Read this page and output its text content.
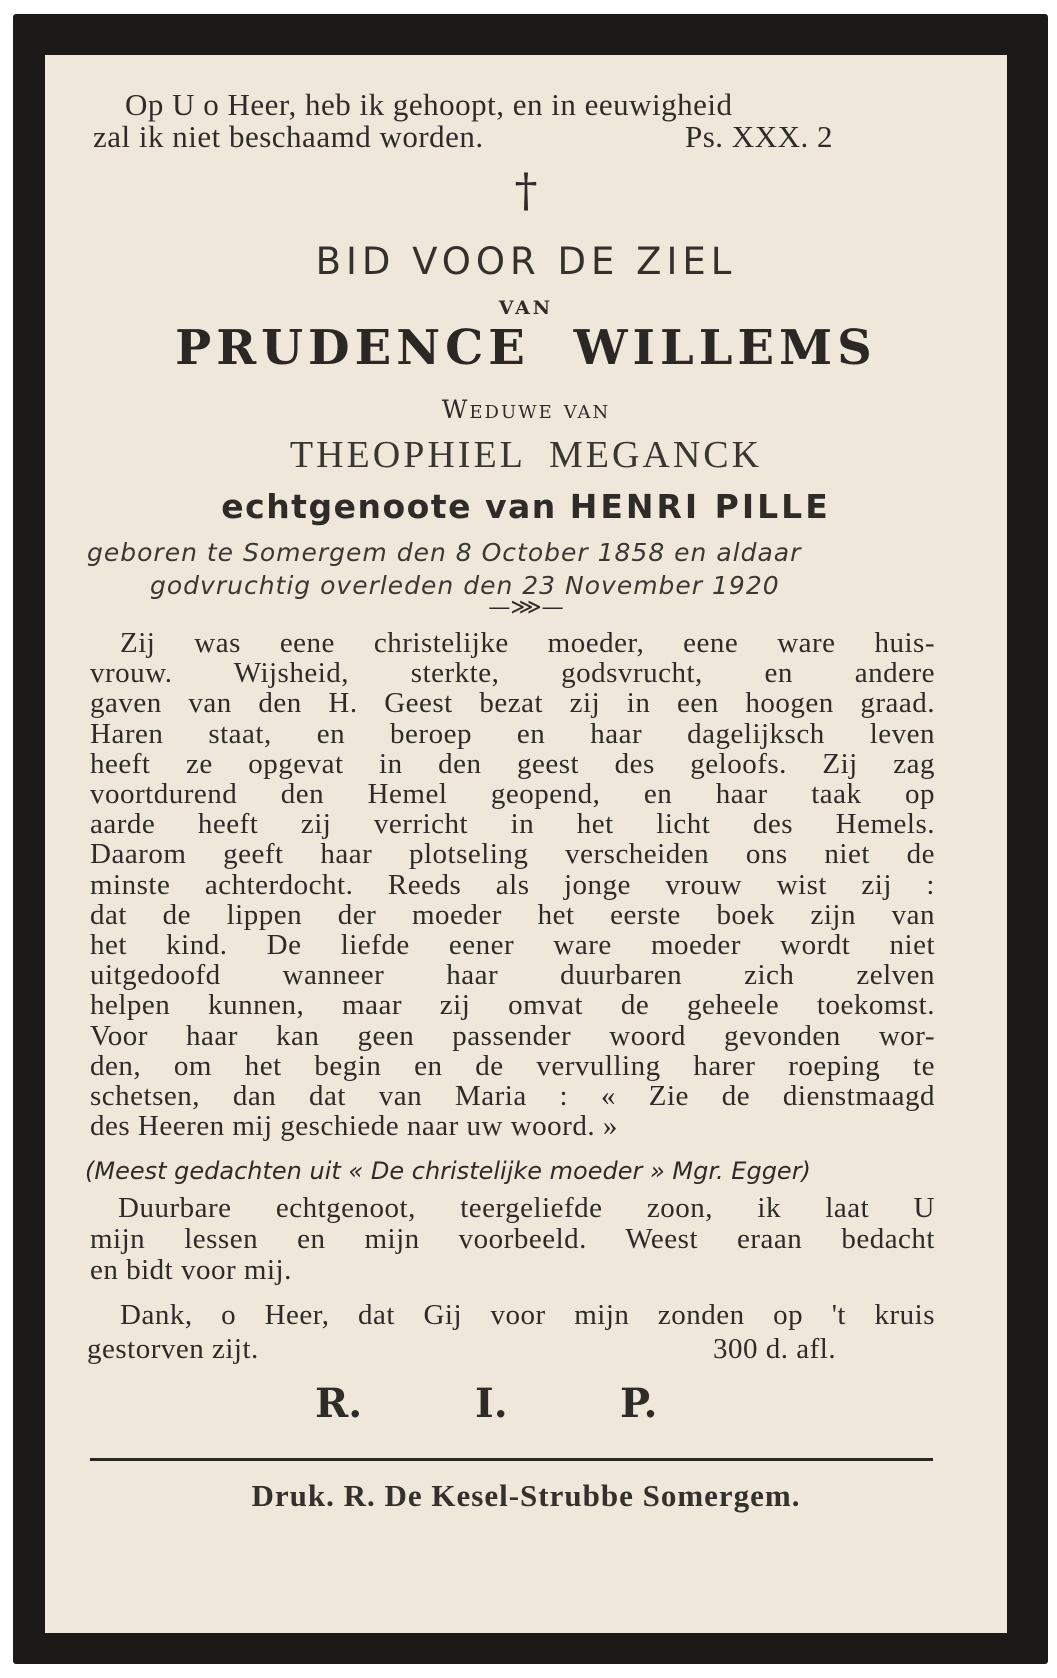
Op U o Heer, heb ik gehoopt, en in eeuwigheid
zal ik niet beschaamd worden.	Ps. XXX. 2
†
BID VOOR DE ZIEL
VAN
PRUDENCE WILLEMS
Weduwe van
THEOPHIEL MEGANCK
echtgenoote van HENRI PILLE
geboren te Somergem den 8 October 1858 en aldaar
godvruchtig overleden den 23 November 1920
—⋙—
Zij was eene christelijke moeder, eene ware huis-
vrouw. Wijsheid, sterkte, godsvrucht, en andere
gaven van den H. Geest bezat zij in een hoogen graad.
Haren staat, en beroep en haar dagelijksch leven
heeft ze opgevat in den geest des geloofs. Zij zag
voortdurend den Hemel geopend, en haar taak op
aarde heeft zij verricht in het licht des Hemels.
Daarom geeft haar plotseling verscheiden ons niet de
minste achterdocht. Reeds als jonge vrouw wist zij :
dat de lippen der moeder het eerste boek zijn van
het kind. De liefde eener ware moeder wordt niet
uitgedoofd wanneer haar duurbaren zich zelven
helpen kunnen, maar zij omvat de geheele toekomst.
Voor haar kan geen passender woord gevonden wor-
den, om het begin en de vervulling harer roeping te
schetsen, dan dat van Maria : « Zie de dienstmaagd
des Heeren mij geschiede naar uw woord. »
(Meest gedachten uit « De christelijke moeder » Mgr. Egger)
Duurbare echtgenoot, teergeliefde zoon, ik laat U
mijn lessen en mijn voorbeeld. Weest eraan bedacht
en bidt voor mij.
Dank, o Heer, dat Gij voor mijn zonden op 't kruis
gestorven zijt.	300 d. afl.
R.	I.	P.
Druk. R. De Kesel-Strubbe Somergem.
